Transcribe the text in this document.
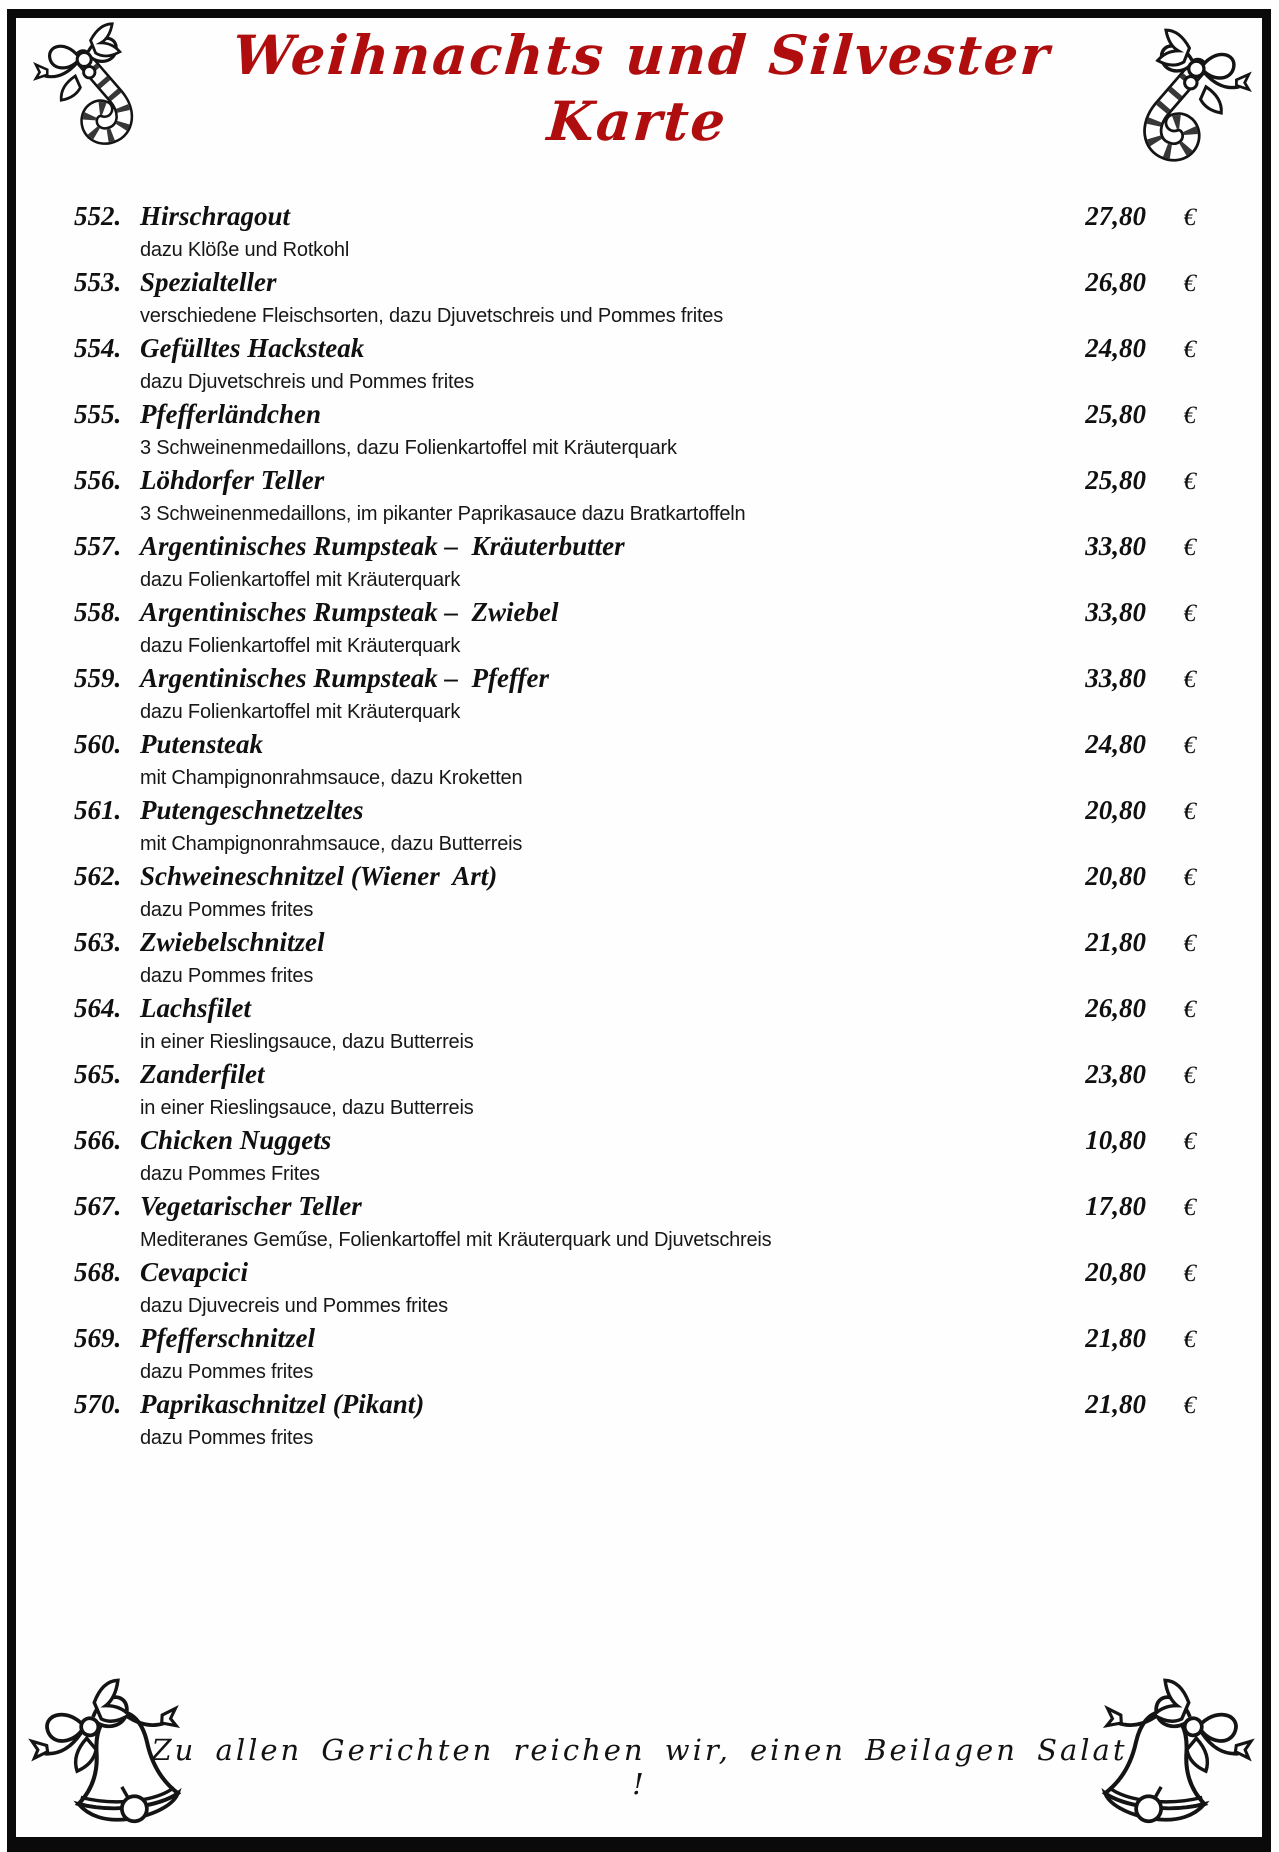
Weihnachts und Silvester Karte
552. Hirschragout	27,80	€
dazu Klöße und Rotkohl
553. Spezialteller	26,80	€
verschiedene Fleischsorten, dazu Djuvetschreis und Pommes frites
554. Gefülltes Hacksteak	24,80	€
dazu Djuvetschreis und Pommes frites
555. Pfefferländchen	25,80	€
3 Schweinenmedaillons, dazu Folienkartoffel mit Kräuterquark
556. Löhdorfer Teller	25,80	€
3 Schweinenmedaillons, im pikanter Paprikasauce dazu Bratkartoffeln
557. Argentinisches Rumpsteak –  Kräuterbutter	33,80	€
dazu Folienkartoffel mit Kräuterquark
558. Argentinisches Rumpsteak –  Zwiebel	33,80	€
dazu Folienkartoffel mit Kräuterquark
559. Argentinisches Rumpsteak –  Pfeffer	33,80	€
dazu Folienkartoffel mit Kräuterquark
560. Putensteak	24,80	€
mit Champignonrahmsauce, dazu Kroketten
561. Putengeschnetzeltes	20,80	€
mit Champignonrahmsauce, dazu Butterreis
562. Schweineschnitzel (Wiener  Art)	20,80	€
dazu Pommes frites
563. Zwiebelschnitzel	21,80	€
dazu Pommes frites
564. Lachsfilet	26,80	€
in einer Rieslingsauce, dazu Butterreis
565. Zanderfilet	23,80	€
in einer Rieslingsauce, dazu Butterreis
566. Chicken Nuggets	10,80	€
dazu Pommes Frites
567. Vegetarischer Teller	17,80	€
Mediteranes Geműse, Folienkartoffel mit Kräuterquark und Djuvetschreis
568. Cevapcici	20,80	€
dazu Djuvecreis und Pommes frites
569. Pfefferschnitzel	21,80	€
dazu Pommes frites
570. Paprikaschnitzel (Pikant)	21,80	€
dazu Pommes frites
Zu allen Gerichten reichen wir, einen Beilagen Salat !
